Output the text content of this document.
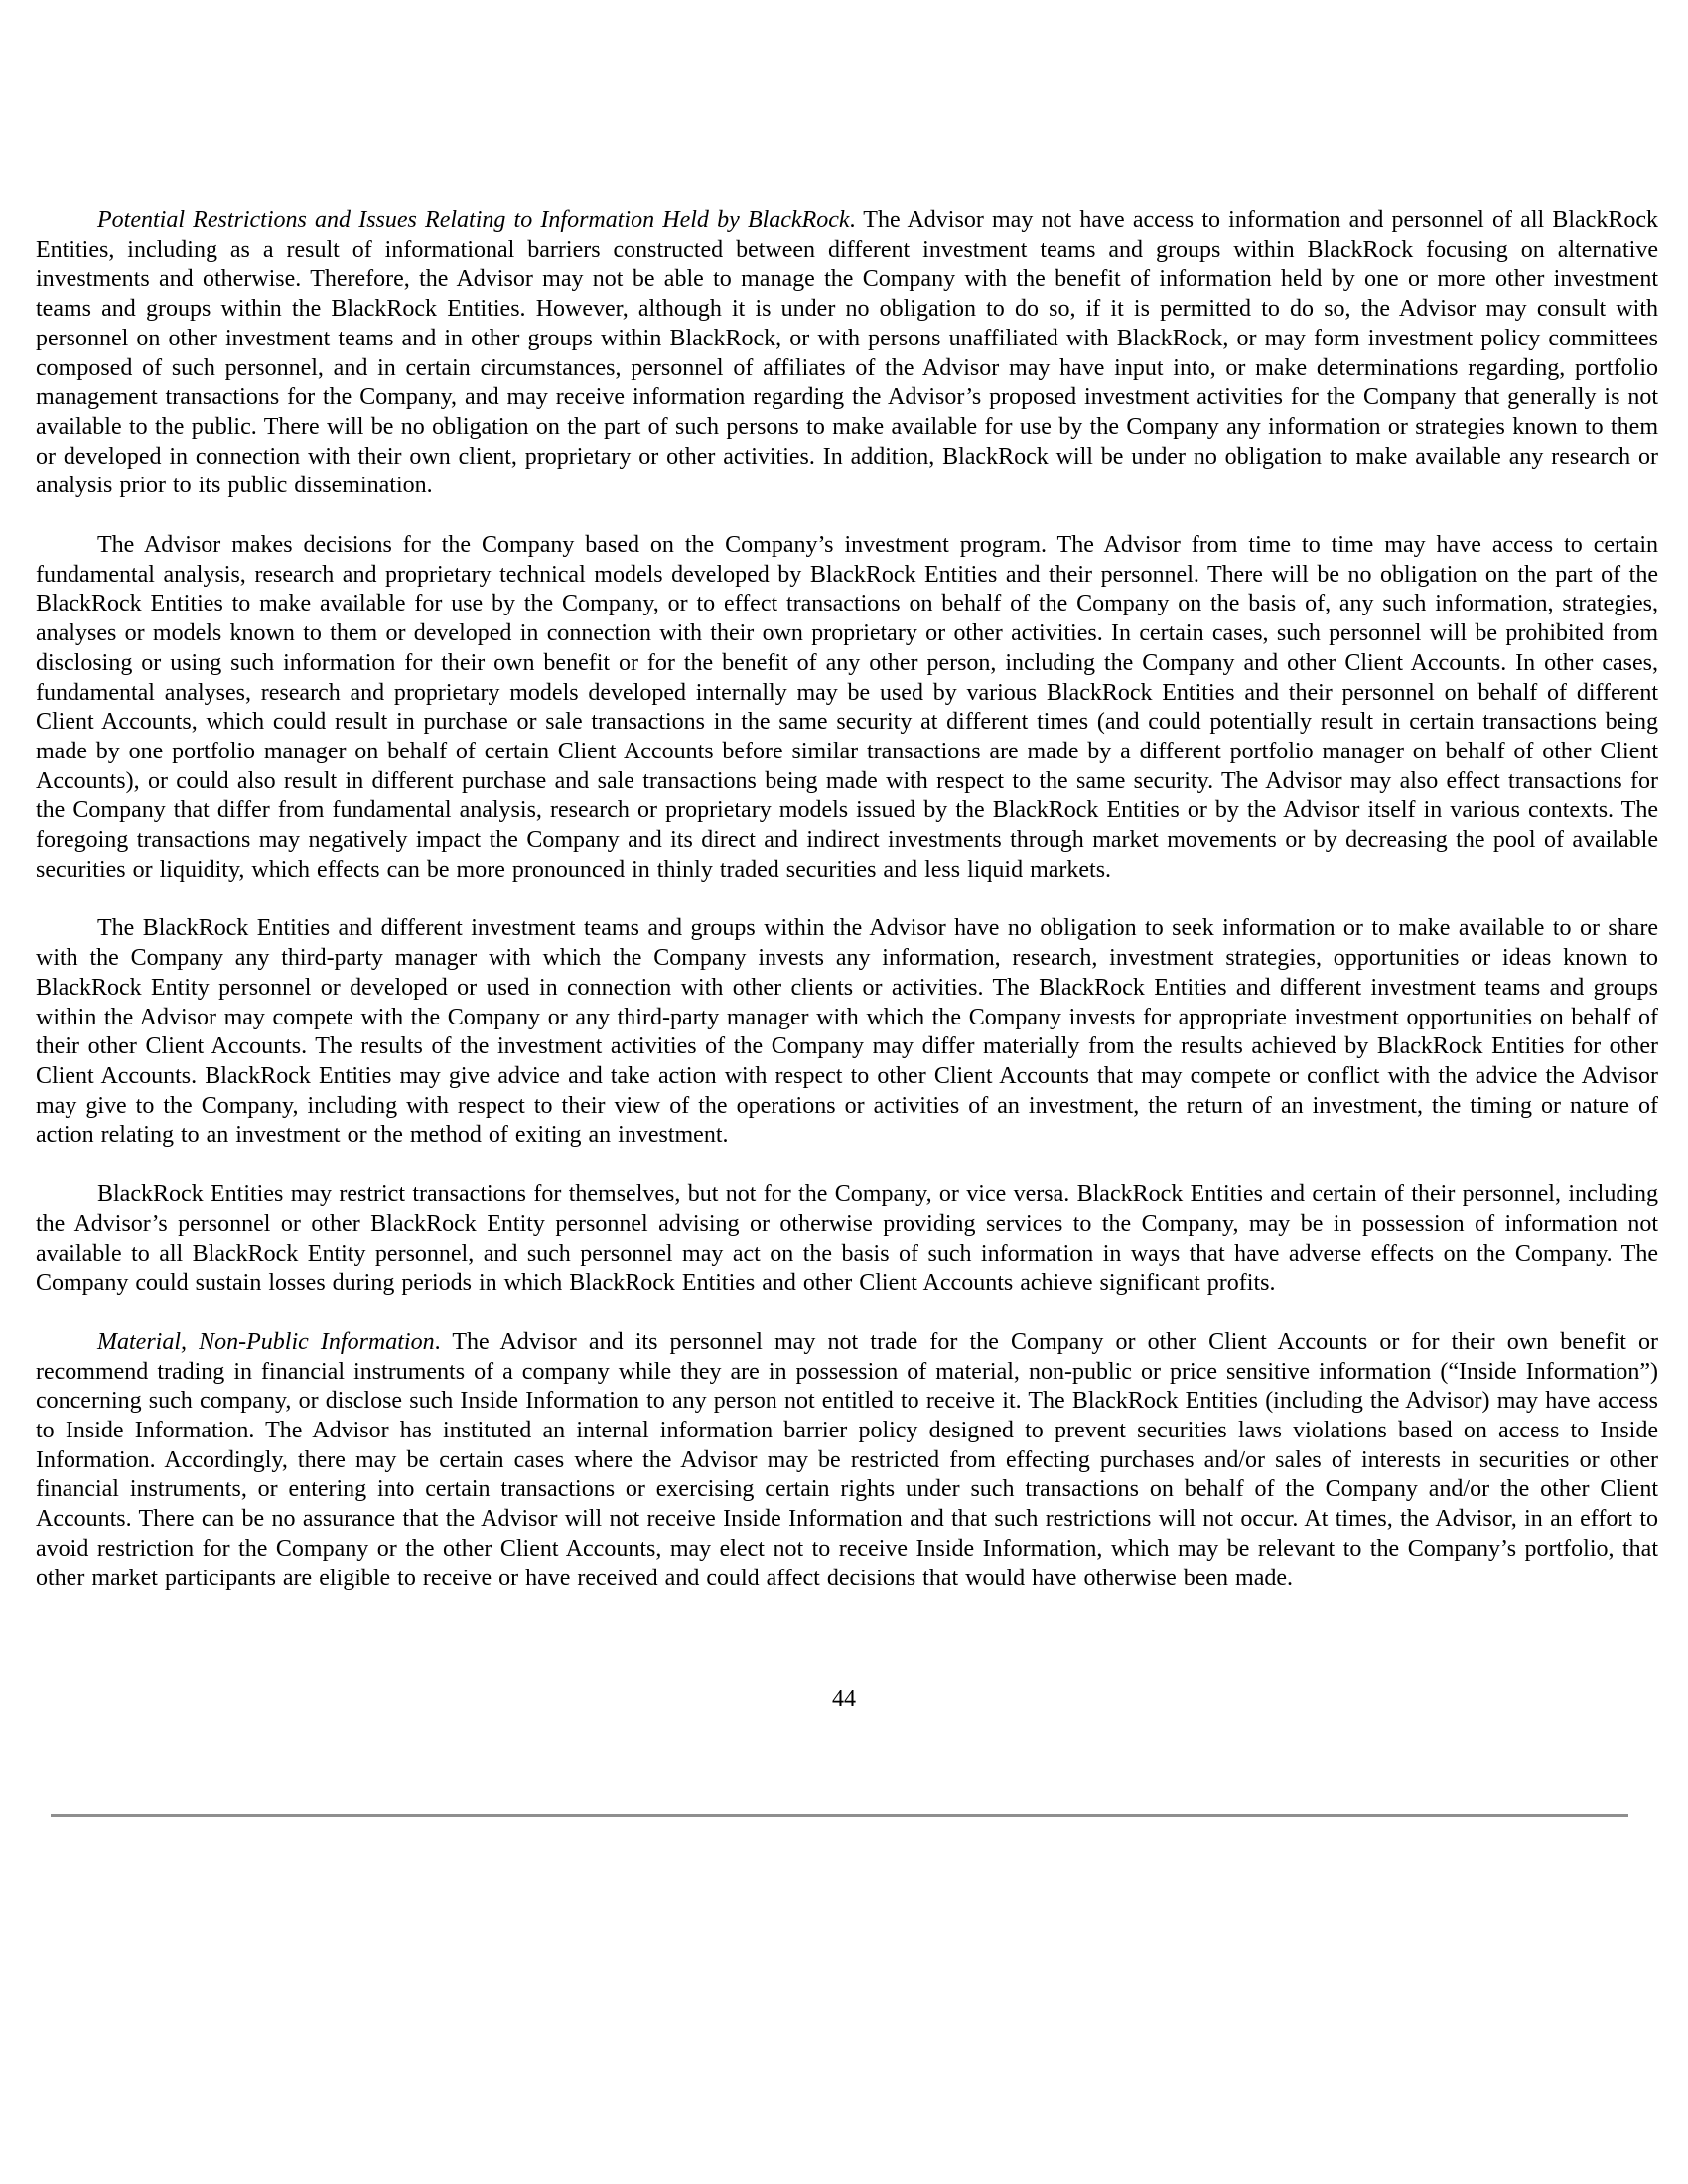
Potential Restrictions and Issues Relating to Information Held by BlackRock. The Advisor may not have access to information and personnel of all BlackRock Entities, including as a result of informational barriers constructed between different investment teams and groups within BlackRock focusing on alternative investments and otherwise. Therefore, the Advisor may not be able to manage the Company with the benefit of information held by one or more other investment teams and groups within the BlackRock Entities. However, although it is under no obligation to do so, if it is permitted to do so, the Advisor may consult with personnel on other investment teams and in other groups within BlackRock, or with persons unaffiliated with BlackRock, or may form investment policy committees composed of such personnel, and in certain circumstances, personnel of affiliates of the Advisor may have input into, or make determinations regarding, portfolio management transactions for the Company, and may receive information regarding the Advisor’s proposed investment activities for the Company that generally is not available to the public. There will be no obligation on the part of such persons to make available for use by the Company any information or strategies known to them or developed in connection with their own client, proprietary or other activities. In addition, BlackRock will be under no obligation to make available any research or analysis prior to its public dissemination.

The Advisor makes decisions for the Company based on the Company’s investment program. The Advisor from time to time may have access to certain fundamental analysis, research and proprietary technical models developed by BlackRock Entities and their personnel. There will be no obligation on the part of the BlackRock Entities to make available for use by the Company, or to effect transactions on behalf of the Company on the basis of, any such information, strategies, analyses or models known to them or developed in connection with their own proprietary or other activities. In certain cases, such personnel will be prohibited from disclosing or using such information for their own benefit or for the benefit of any other person, including the Company and other Client Accounts. In other cases, fundamental analyses, research and proprietary models developed internally may be used by various BlackRock Entities and their personnel on behalf of different Client Accounts, which could result in purchase or sale transactions in the same security at different times (and could potentially result in certain transactions being made by one portfolio manager on behalf of certain Client Accounts before similar transactions are made by a different portfolio manager on behalf of other Client Accounts), or could also result in different purchase and sale transactions being made with respect to the same security. The Advisor may also effect transactions for the Company that differ from fundamental analysis, research or proprietary models issued by the BlackRock Entities or by the Advisor itself in various contexts. The foregoing transactions may negatively impact the Company and its direct and indirect investments through market movements or by decreasing the pool of available securities or liquidity, which effects can be more pronounced in thinly traded securities and less liquid markets.

The BlackRock Entities and different investment teams and groups within the Advisor have no obligation to seek information or to make available to or share with the Company any third-party manager with which the Company invests any information, research, investment strategies, opportunities or ideas known to BlackRock Entity personnel or developed or used in connection with other clients or activities. The BlackRock Entities and different investment teams and groups within the Advisor may compete with the Company or any third-party manager with which the Company invests for appropriate investment opportunities on behalf of their other Client Accounts. The results of the investment activities of the Company may differ materially from the results achieved by BlackRock Entities for other Client Accounts. BlackRock Entities may give advice and take action with respect to other Client Accounts that may compete or conflict with the advice the Advisor may give to the Company, including with respect to their view of the operations or activities of an investment, the return of an investment, the timing or nature of action relating to an investment or the method of exiting an investment.

BlackRock Entities may restrict transactions for themselves, but not for the Company, or vice versa. BlackRock Entities and certain of their personnel, including the Advisor’s personnel or other BlackRock Entity personnel advising or otherwise providing services to the Company, may be in possession of information not available to all BlackRock Entity personnel, and such personnel may act on the basis of such information in ways that have adverse effects on the Company. The Company could sustain losses during periods in which BlackRock Entities and other Client Accounts achieve significant profits.

Material, Non-Public Information. The Advisor and its personnel may not trade for the Company or other Client Accounts or for their own benefit or recommend trading in financial instruments of a company while they are in possession of material, non-public or price sensitive information (“Inside Information”) concerning such company, or disclose such Inside Information to any person not entitled to receive it. The BlackRock Entities (including the Advisor) may have access to Inside Information. The Advisor has instituted an internal information barrier policy designed to prevent securities laws violations based on access to Inside Information. Accordingly, there may be certain cases where the Advisor may be restricted from effecting purchases and/or sales of interests in securities or other financial instruments, or entering into certain transactions or exercising certain rights under such transactions on behalf of the Company and/or the other Client Accounts. There can be no assurance that the Advisor will not receive Inside Information and that such restrictions will not occur. At times, the Advisor, in an effort to avoid restriction for the Company or the other Client Accounts, may elect not to receive Inside Information, which may be relevant to the Company’s portfolio, that other market participants are eligible to receive or have received and could affect decisions that would have otherwise been made.

44
